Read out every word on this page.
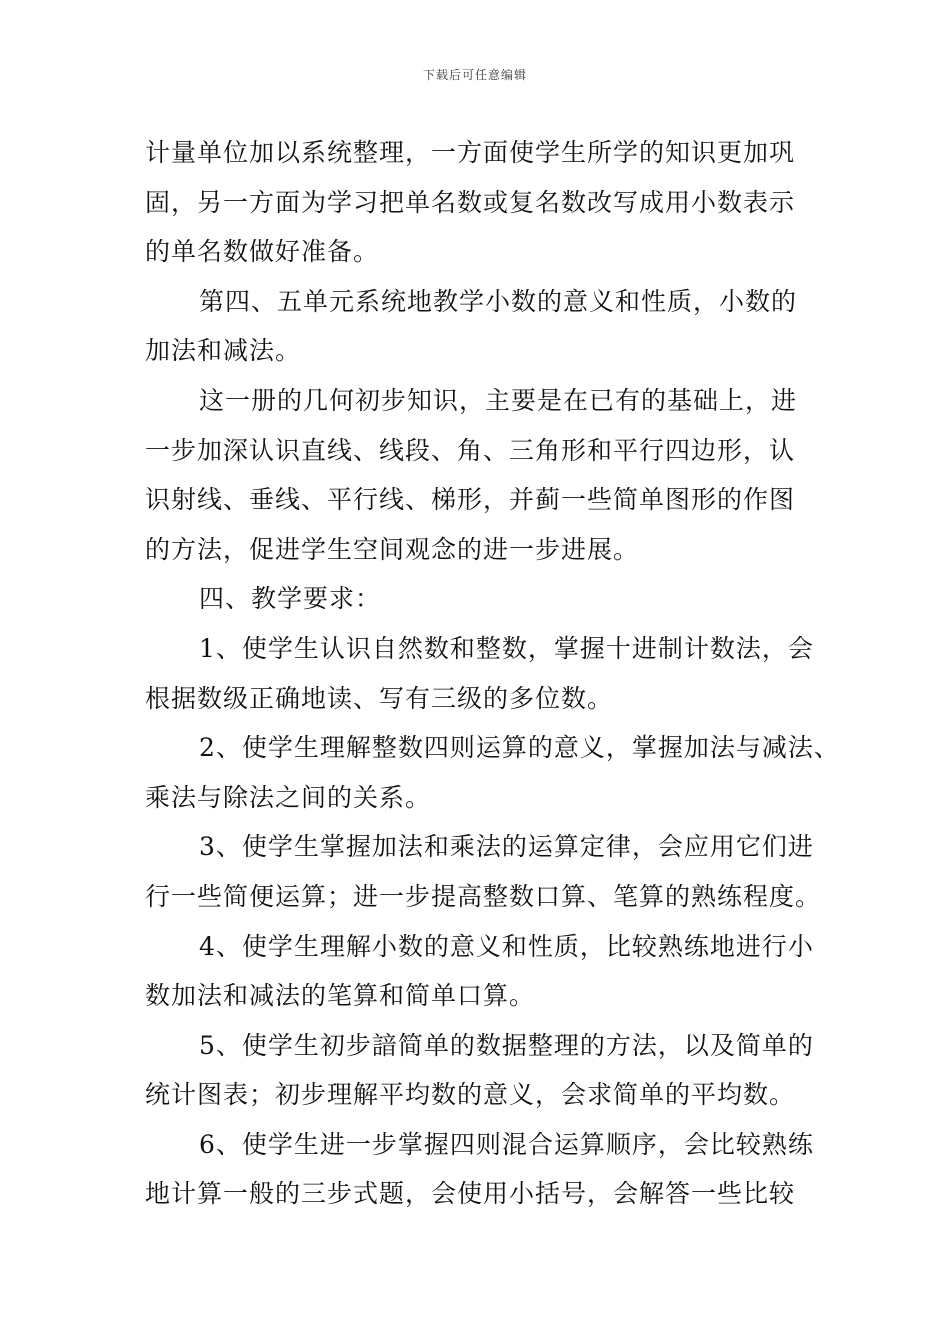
下载后可任意编辑
计量单位加以系统整理，一方面使学生所学的知识更加巩
固，另一方面为学习把单名数或复名数改写成用小数表示
的单名数做好准备。
第四、五单元系统地教学小数的意义和性质，小数的
加法和减法。
这一册的几何初步知识，主要是在已有的基础上，进
一步加深认识直线、线段、角、三角形和平行四边形，认
识射线、垂线、平行线、梯形，并蓟一些简单图形的作图
的方法，促进学生空间观念的进一步进展。
四、教学要求：
1、使学生认识自然数和整数，掌握十进制计数法，会
根据数级正确地读、写有三级的多位数。
2、使学生理解整数四则运算的意义，掌握加法与减法、
乘法与除法之间的关系。
3、使学生掌握加法和乘法的运算定律，会应用它们进
行一些简便运算；进一步提高整数口算、笔算的熟练程度。
4、使学生理解小数的意义和性质，比较熟练地进行小
数加法和减法的笔算和简单口算。
5、使学生初步諳简单的数据整理的方法，以及简单的
统计图表；初步理解平均数的意义，会求简单的平均数。
6、使学生进一步掌握四则混合运算顺序，会比较熟练
地计算一般的三步式题，会使用小括号，会解答一些比较
